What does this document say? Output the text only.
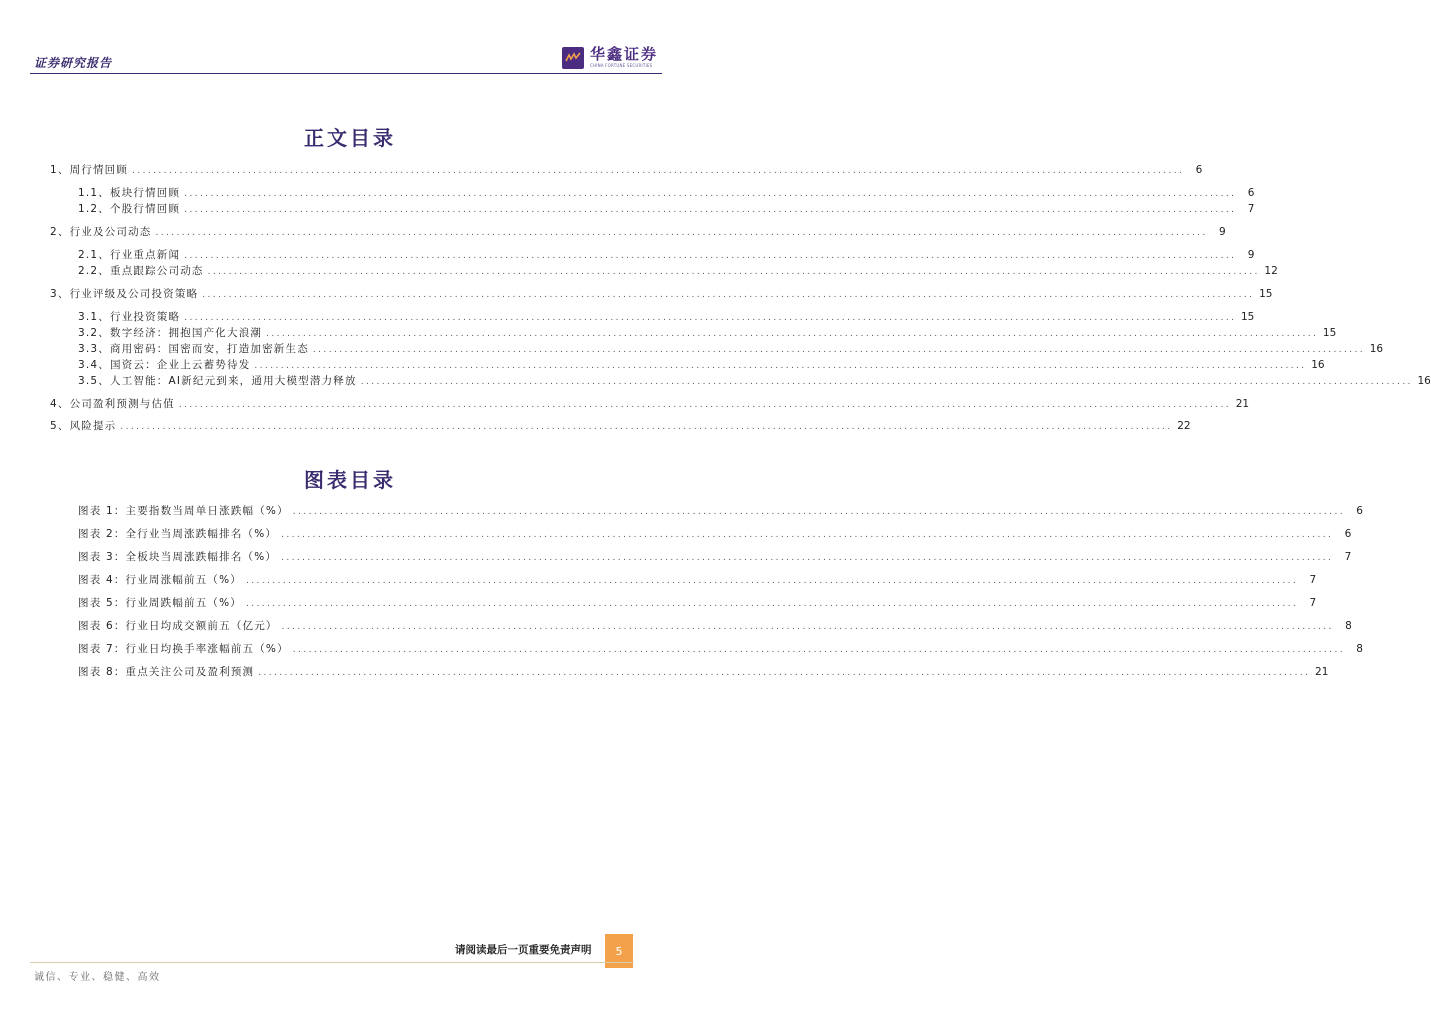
证券研究报告	华鑫证券
CHINA FORTUNE SECURITIES
正文目录
1、周行情回顾 ........................................................................................................................................................................................................	6
1.1、板块行情回顾 ........................................................................................................................................................................................................	6
1.2、个股行情回顾 ........................................................................................................................................................................................................	7
2、行业及公司动态 ........................................................................................................................................................................................................	9
2.1、行业重点新闻 ........................................................................................................................................................................................................	9
2.2、重点跟踪公司动态 ........................................................................................................................................................................................................ 12
3、行业评级及公司投资策略 ........................................................................................................................................................................................................ 15
3.1、行业投资策略 ........................................................................................................................................................................................................ 15
3.2、数字经济：拥抱国产化大浪潮 ........................................................................................................................................................................................................ 15
3.3、商用密码：国密而安，打造加密新生态 ........................................................................................................................................................................................................ 16
3.4、国资云：企业上云蓄势待发 ........................................................................................................................................................................................................ 16
3.5、人工智能：AI新纪元到来，通用大模型潜力释放 ........................................................................................................................................................................................................ 16
4、公司盈利预测与估值 ........................................................................................................................................................................................................ 21
5、风险提示 ........................................................................................................................................................................................................ 22
图表目录
图表 1：主要指数当周单日涨跌幅（%） ........................................................................................................................................................................................................	6
图表 2：全行业当周涨跌幅排名（%） ........................................................................................................................................................................................................	6
图表 3：全板块当周涨跌幅排名（%） ........................................................................................................................................................................................................	7
图表 4：行业周涨幅前五（%） ........................................................................................................................................................................................................	7
图表 5：行业周跌幅前五（%） ........................................................................................................................................................................................................	7
图表 6：行业日均成交额前五（亿元） ........................................................................................................................................................................................................	8
图表 7：行业日均换手率涨幅前五（%） ........................................................................................................................................................................................................	8
图表 8：重点关注公司及盈利预测 ........................................................................................................................................................................................................ 21
请阅读最后一页重要免责声明	5
诚信、专业、稳健、高效
